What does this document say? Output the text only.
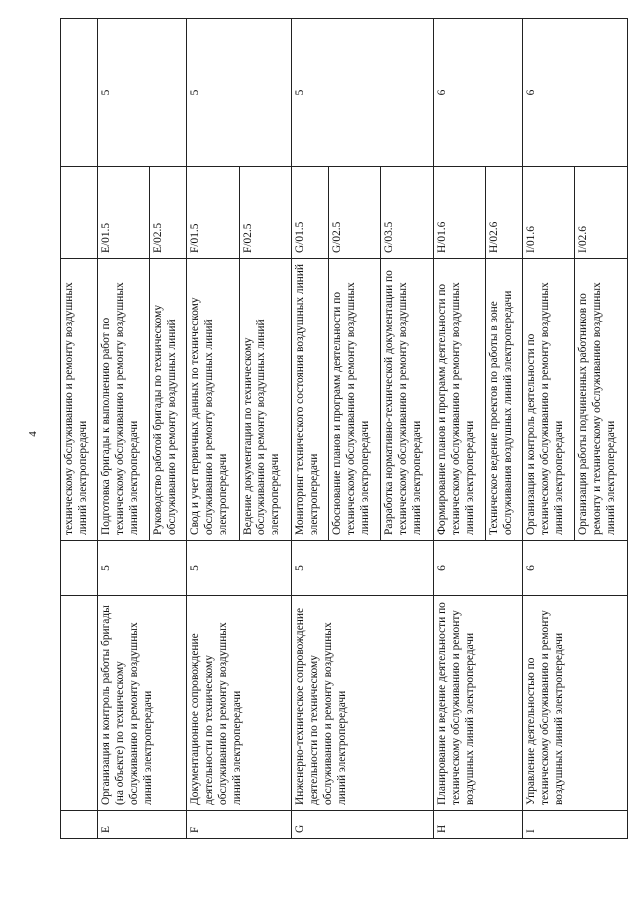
4
			техническому обслуживанию и ремонту воздушных линий электропередачи		
E	Организация и контроль работы бригады (на объекте) по техническому обслуживанию и ремонту воздушных линий электропередачи	5	Подготовка бригады к выполнению работ по техническому обслуживанию и ремонту воздушных линий электропередачи	E/01.5	5
			Руководство работой бригады по техническому обслуживанию и ремонту воздушных линий	E/02.5	
F	Документационное сопровождение деятельности по техническому обслуживанию и ремонту воздушных линий электропередачи	5	Свод и учет первичных данных по техническому обслуживанию и ремонту воздушных линий электропередачи	F/01.5	5
			Ведение документации по техническому обслуживанию и ремонту воздушных линий электропередачи	F/02.5	
G	Инженерно-техническое сопровождение деятельности по техническому обслуживанию и ремонту воздушных линий электропередачи	5	Мониторинг технического состояния воздушных линий электропередачи	G/01.5	5
			Обоснование планов и программ деятельности по техническому обслуживанию и ремонту воздушных линий электропередачи	G/02.5	
			Разработка нормативно-технической документации по техническому обслуживанию и ремонту воздушных линий электропередачи	G/03.5	
H	Планирование и ведение деятельности по техническому обслуживанию и ремонту воздушных линий электропередачи	6	Формирование планов и программ деятельности по техническому обслуживанию и ремонту воздушных линий электропередачи	H/01.6	6
			Техническое ведение проектов по работы в зоне обслуживания воздушных линий электропередачи	H/02.6	
I	Управление деятельностью по техническому обслуживанию и ремонту воздушных линий электропередачи	6	Организация и контроль деятельности по техническому обслуживанию и ремонту воздушных линий электропередачи	I/01.6	6
			Организация работы подчиненных работников по ремонту и техническому обслуживанию воздушных линий электропередачи	I/02.6	
